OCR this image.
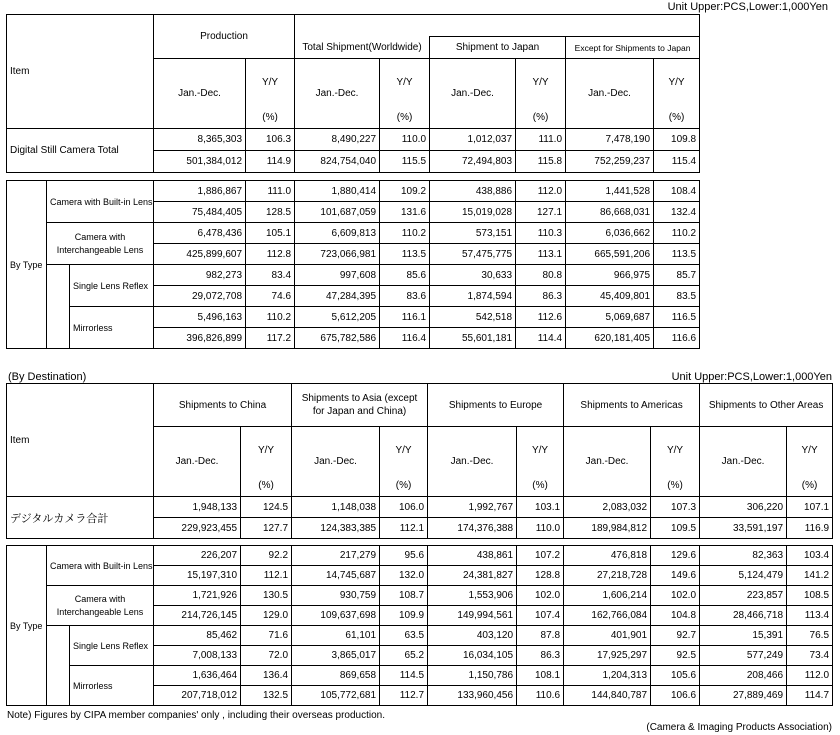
Unit Upper:PCS,Lower:1,000Yen
Item	Production							
			Total Shipment(Worldwide)		Shipment to Japan		Except for Shipments to Japan	
	Jan.-Dec.	Y/Y	Jan.-Dec.	Y/Y	Jan.-Dec.	Y/Y	Jan.-Dec.	Y/Y
		(%)		(%)		(%)		(%)
Digital Still Camera Total	8,365,303	106.3	8,490,227	110.0	1,012,037	111.0	7,478,190	109.8
	501,384,012	114.9	824,754,040	115.5	72,494,803	115.8	752,259,237	115.4
By Type	Camera with Built-in Lens		1,886,867	111.0	1,880,414	109.2	438,886	112.0	1,441,528	108.4
			75,484,405	128.5	101,687,059	131.6	15,019,028	127.1	86,668,031	132.4
	Camera with Interchangeable Lens		6,478,436	105.1	6,609,813	110.2	573,151	110.3	6,036,662	110.2
			425,899,607	112.8	723,066,981	113.5	57,475,775	113.1	665,591,206	113.5
		Single Lens Reflex	982,273	83.4	997,608	85.6	30,633	80.8	966,975	85.7
			29,072,708	74.6	47,284,395	83.6	1,874,594	86.3	45,409,801	83.5
		Mirrorless	5,496,163	110.2	5,612,205	116.1	542,518	112.6	5,069,687	116.5
			396,826,899	117.2	675,782,586	116.4	55,601,181	114.4	620,181,405	116.6
(By Destination)	Unit Upper:PCS,Lower:1,000Yen
Item	Shipments to China		Shipments to Asia (except for Japan and China)		Shipments to Europe		Shipments to Americas		Shipments to Other Areas	
	Jan.-Dec.	Y/Y	Jan.-Dec.	Y/Y	Jan.-Dec.	Y/Y	Jan.-Dec.	Y/Y	Jan.-Dec.	Y/Y
		(%)		(%)		(%)		(%)		(%)
デジタルカメラ合計	1,948,133	124.5	1,148,038	106.0	1,992,767	103.1	2,083,032	107.3	306,220	107.1
	229,923,455	127.7	124,383,385	112.1	174,376,388	110.0	189,984,812	109.5	33,591,197	116.9
By Type	Camera with Built-in Lens		226,207	92.2	217,279	95.6	438,861	107.2	476,818	129.6	82,363	103.4
			15,197,310	112.1	14,745,687	132.0	24,381,827	128.8	27,218,728	149.6	5,124,479	141.2
	Camera with Interchangeable Lens		1,721,926	130.5	930,759	108.7	1,553,906	102.0	1,606,214	102.0	223,857	108.5
			214,726,145	129.0	109,637,698	109.9	149,994,561	107.4	162,766,084	104.8	28,466,718	113.4
		Single Lens Reflex	85,462	71.6	61,101	63.5	403,120	87.8	401,901	92.7	15,391	76.5
			7,008,133	72.0	3,865,017	65.2	16,034,105	86.3	17,925,297	92.5	577,249	73.4
		Mirrorless	1,636,464	136.4	869,658	114.5	1,150,786	108.1	1,204,313	105.6	208,466	112.0
			207,718,012	132.5	105,772,681	112.7	133,960,456	110.6	144,840,787	106.6	27,889,469	114.7
Note) Figures by CIPA member companies' only , including their overseas production.
(Camera & Imaging Products Association)
